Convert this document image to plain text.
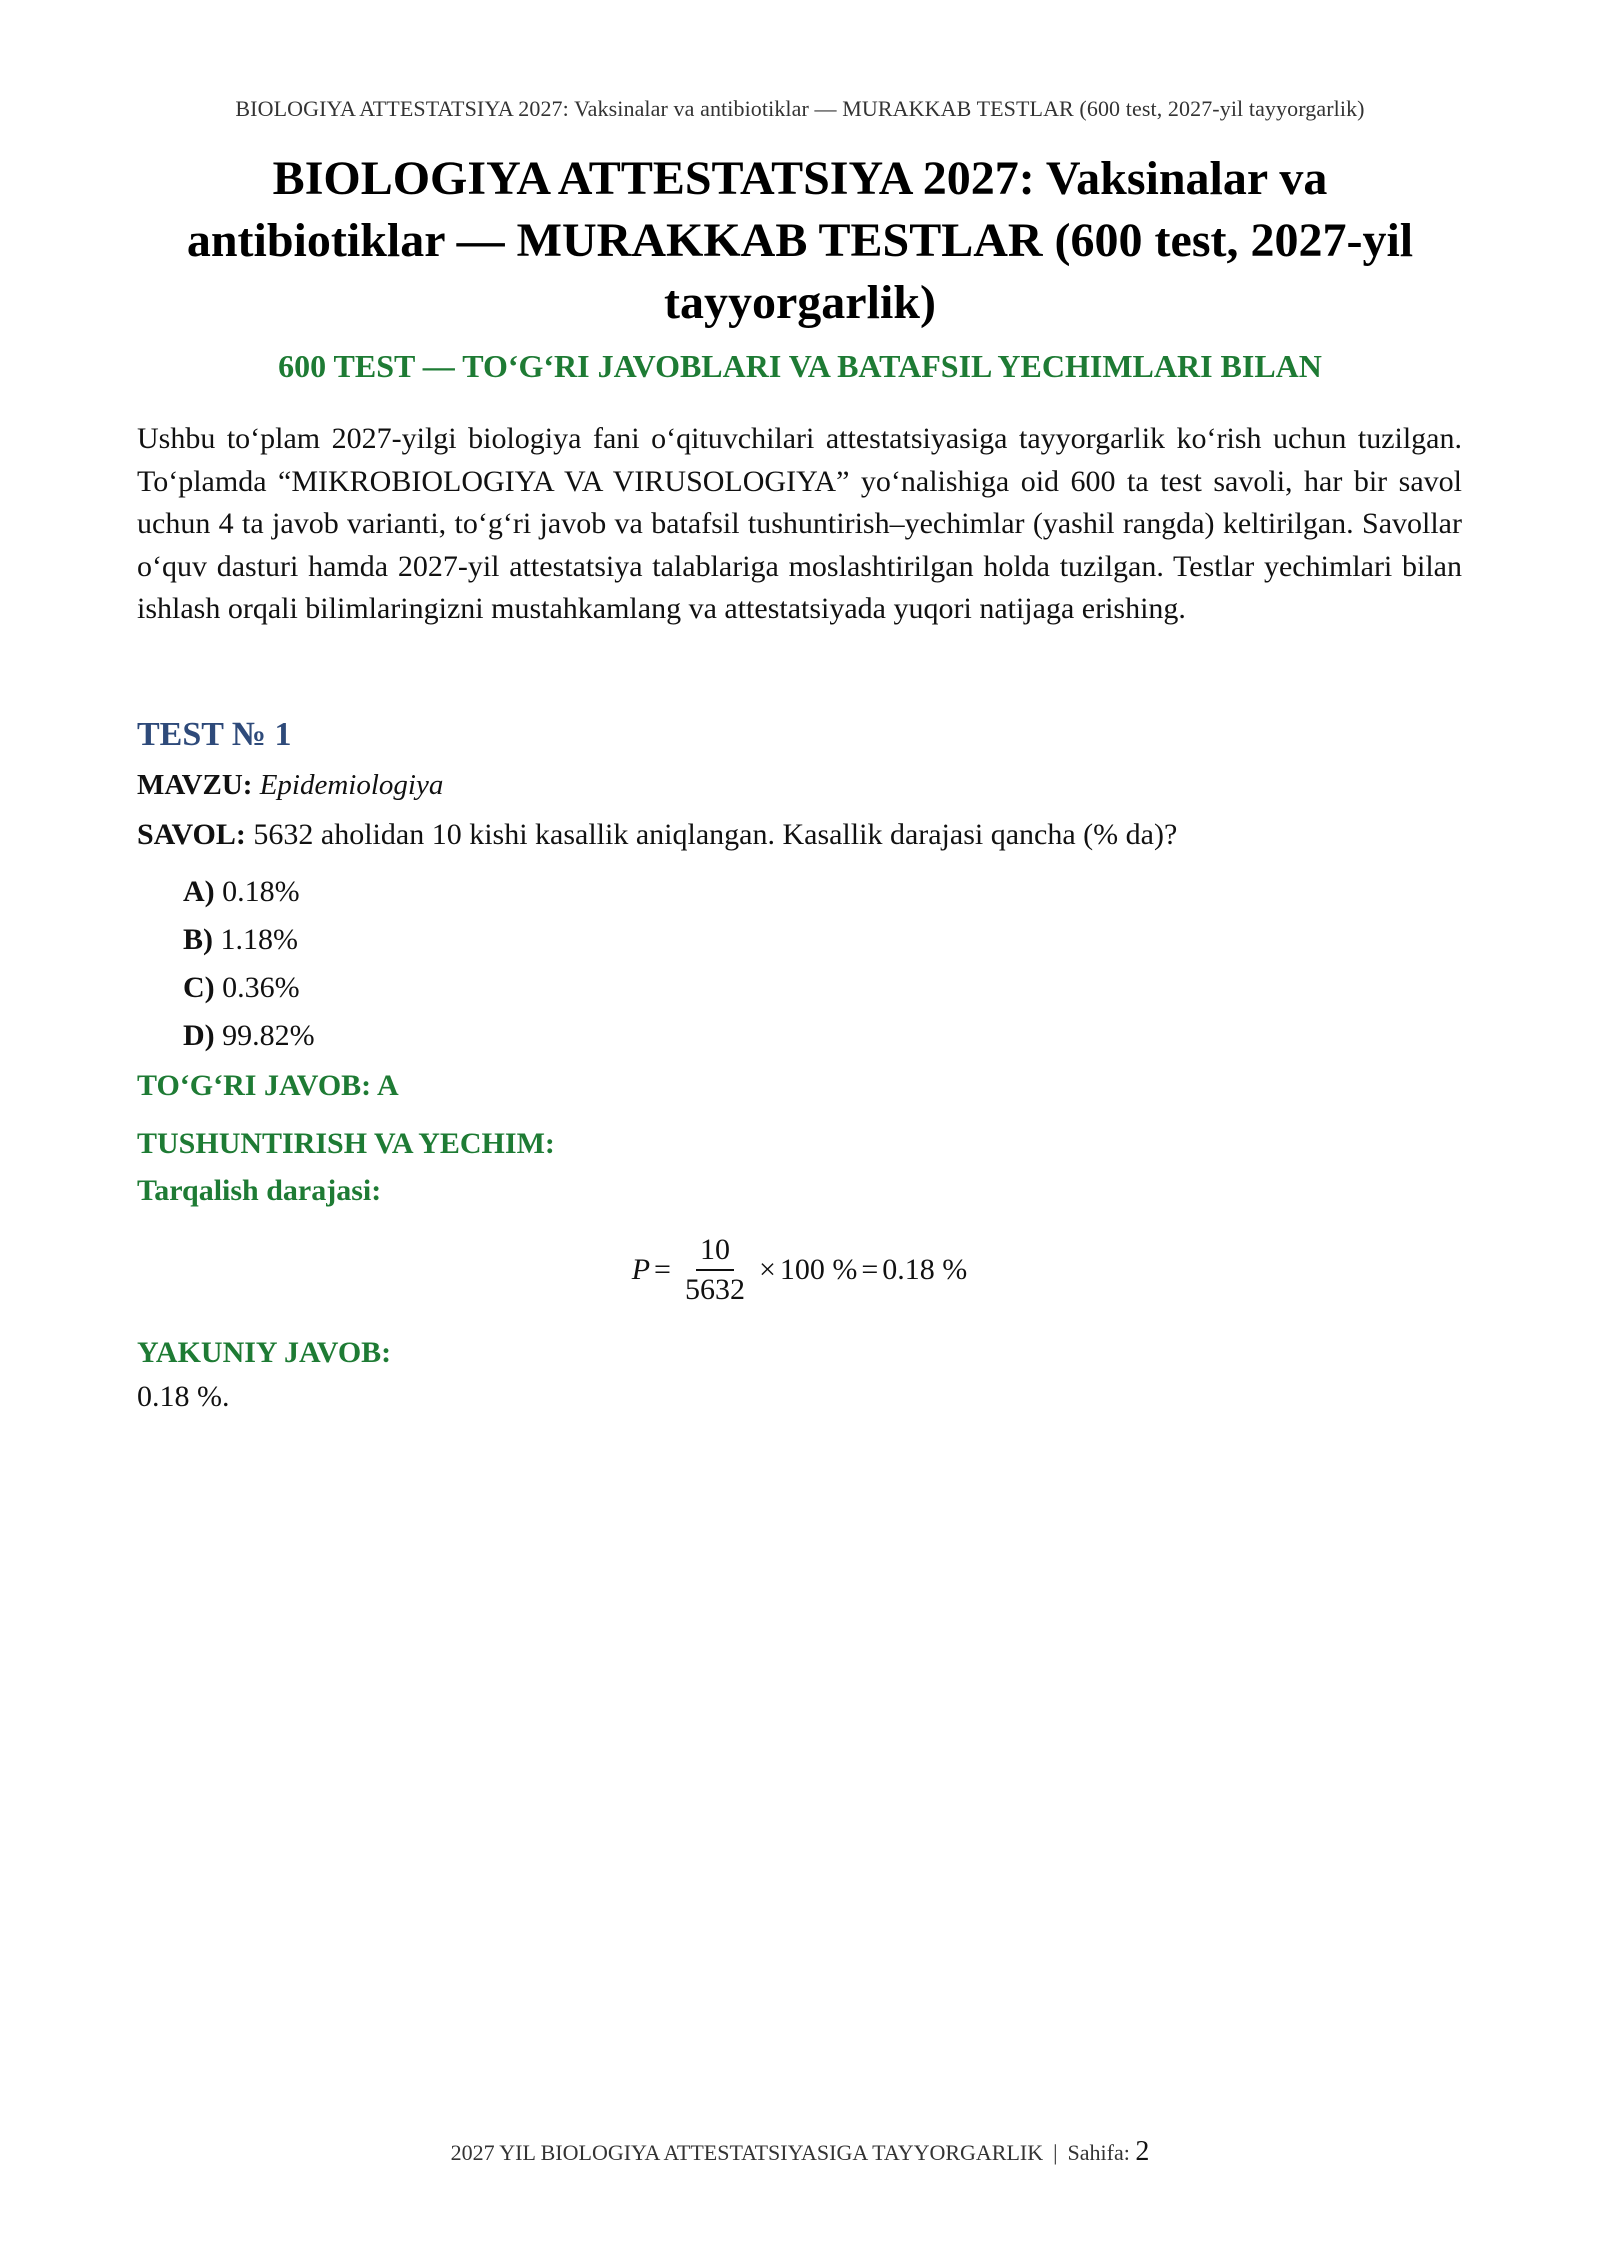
BIOLOGIYA ATTESTATSIYA 2027: Vaksinalar va antibiotiklar — MURAKKAB TESTLAR (600 test, 2027-yil tayyorgarlik)
BIOLOGIYA ATTESTATSIYA 2027: Vaksinalar va
antibiotiklar — MURAKKAB TESTLAR (600 test, 2027-yil
tayyorgarlik)
600 TEST — TO‘G‘RI JAVOBLARI VA BATAFSIL YECHIMLARI BILAN

Ushbu to‘plam 2027-yilgi biologiya fani o‘qituvchilari attestatsiyasiga tayyorgarlik ko‘rish uchun tuzilgan. To‘plamda “MIKROBIOLOGIYA VA VIRUSOLOGIYA” yo‘nalishiga oid 600 ta test savoli, har bir savol uchun 4 ta javob varianti, to‘g‘ri javob va batafsil tushuntirish–yechimlar (yashil rangda) keltirilgan. Savollar o‘quv dasturi hamda 2027-yil attestatsiya talablariga moslashtirilgan holda tuzilgan. Testlar yechimlari bilan ishlash orqali bilimlaringizni mustahkamlang va attestatsiyada yuqori natijaga erishing.

TEST № 1
MAVZU: Epidemiologiya
SAVOL: 5632 aholidan 10 kishi kasallik aniqlangan. Kasallik darajasi qancha (% da)?
A) 0.18%
B) 1.18%
C) 0.36%
D) 99.82%
TO‘G‘RI JAVOB: A
TUSHUNTIRISH VA YECHIM:
Tarqalish darajasi:
$P = \frac{10}{5632} \times 100$ % = 0.18 %
YAKUNIY JAVOB:
0.18 %.
2027 YIL BIOLOGIYA ATTESTATSIYASIGA TAYYORGARLIK | Sahifa: 2
